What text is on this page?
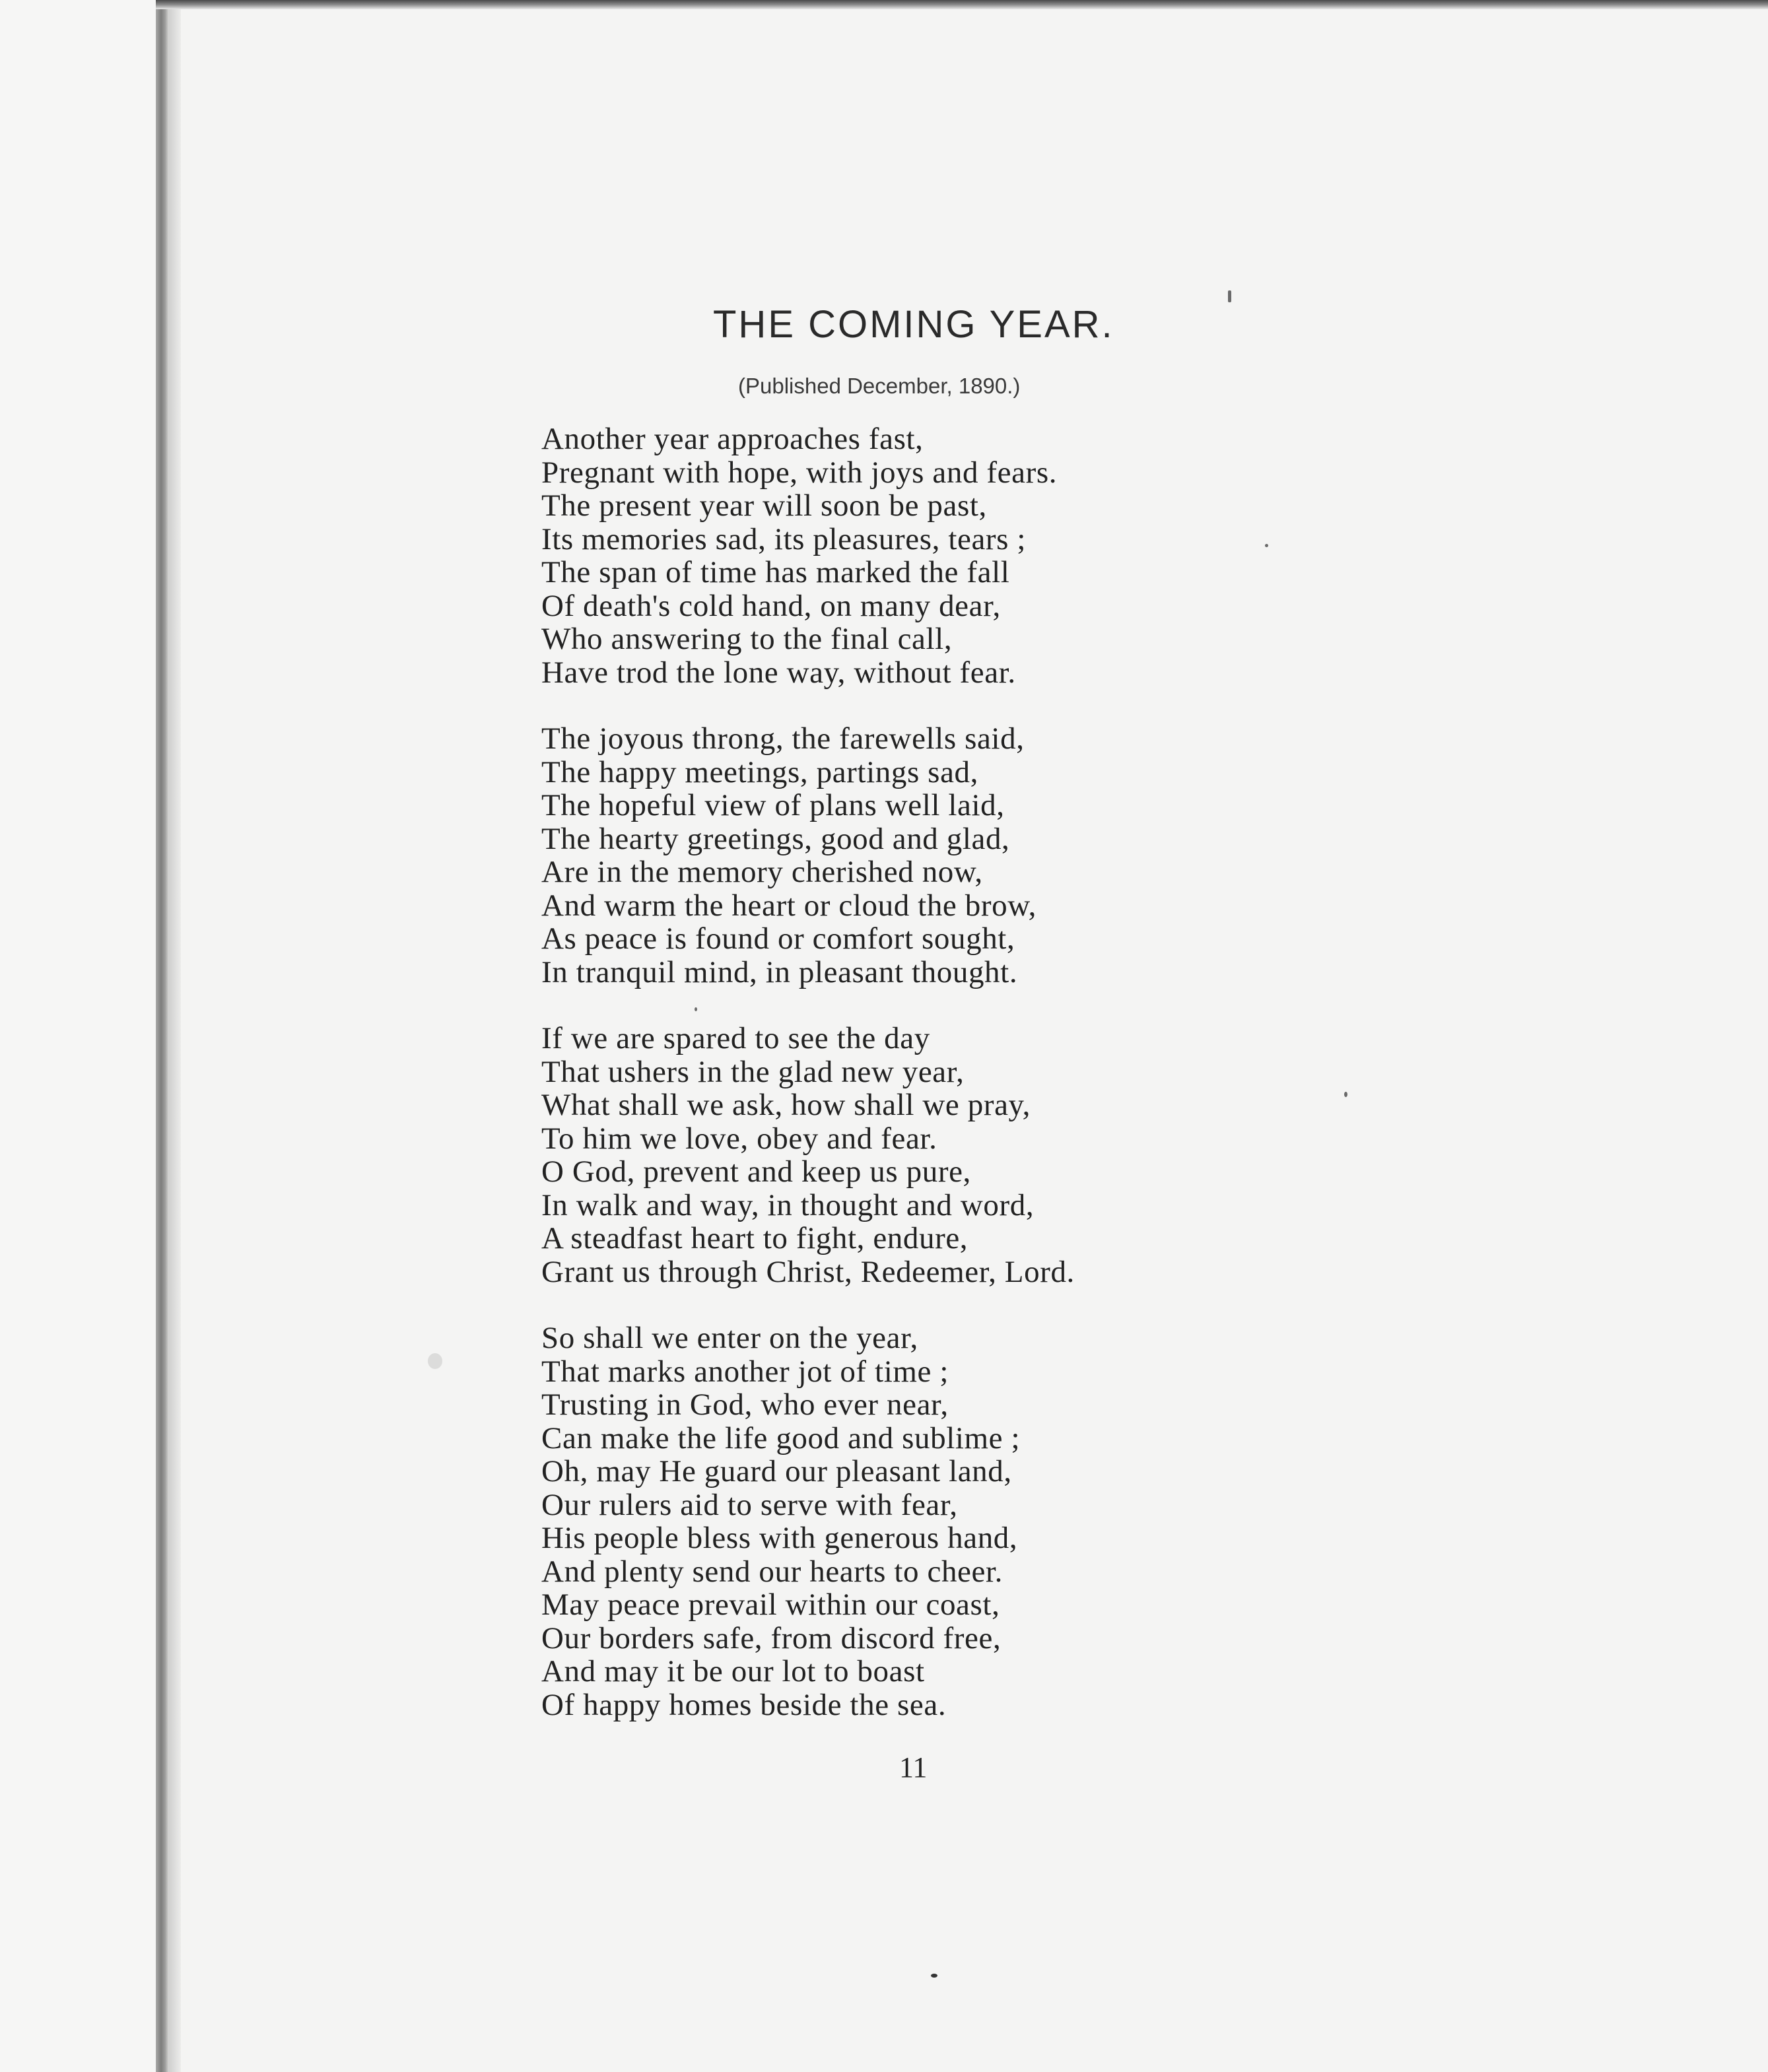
THE COMING YEAR.

(Published December, 1890.)

Another year approaches fast,
Pregnant with hope, with joys and fears.
The present year will soon be past,
Its memories sad, its pleasures, tears ;
The span of time has marked the fall
Of death's cold hand, on many dear,
Who answering to the final call,
Have trod the lone way, without fear.
The joyous throng, the farewells said,
The happy meetings, partings sad,
The hopeful view of plans well laid,
The hearty greetings, good and glad,
Are in the memory cherished now,
And warm the heart or cloud the brow,
As peace is found or comfort sought,
In tranquil mind, in pleasant thought.
If we are spared to see the day
That ushers in the glad new year,
What shall we ask, how shall we pray,
To him we love, obey and fear.
O God, prevent and keep us pure,
In walk and way, in thought and word,
A steadfast heart to fight, endure,
Grant us through Christ, Redeemer, Lord.
So shall we enter on the year,
That marks another jot of time ;
Trusting in God, who ever near,
Can make the life good and sublime ;
Oh, may He guard our pleasant land,
Our rulers aid to serve with fear,
His people bless with generous hand,
And plenty send our hearts to cheer.
May peace prevail within our coast,
Our borders safe, from discord free,
And may it be our lot to boast
Of happy homes beside the sea.

11
